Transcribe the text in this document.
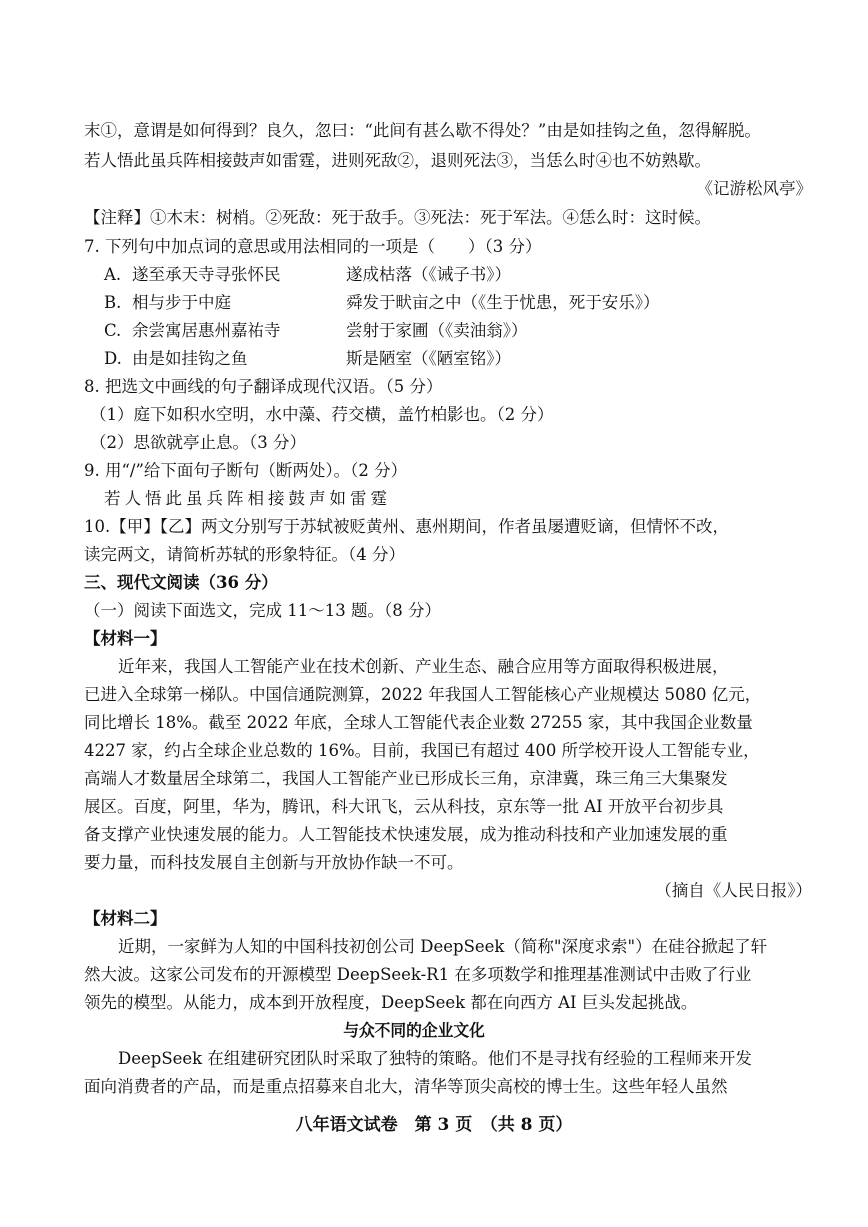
末①，意谓是如何得到？良久，忽曰：“此间有甚么歇不得处？”由是如挂钩之鱼，忽得解脱。
若人悟此虽兵阵相接鼓声如雷霆，进则死敌②，退则死法③，当恁么时④也不妨熟歇。
《记游松风亭》
【注释】①木末：树梢。②死敌：死于敌手。③死法：死于军法。④恁么时：这时候。
7. 下列句中加点词的意思或用法相同的一项是（　　）（3 分）
A. 遂至承天寺寻张怀民	遂成枯落（《诫子书》）
B. 相与步于中庭	舜发于畎亩之中（《生于忧患，死于安乐》）
C. 余尝寓居惠州嘉祐寺	尝射于家圃（《卖油翁》）
D. 由是如挂钩之鱼	斯是陋室（《陋室铭》）
8. 把选文中画线的句子翻译成现代汉语。（5 分）
（1）庭下如积水空明，水中藻、荇交横，盖竹柏影也。（2 分）
（2）思欲就亭止息。（3 分）
9. 用“/”给下面句子断句（断两处）。（2 分）
若人悟此虽兵阵相接鼓声如雷霆
10.【甲】【乙】两文分别写于苏轼被贬黄州、惠州期间，作者虽屡遭贬谪，但情怀不改，
读完两文，请简析苏轼的形象特征。（4 分）
三、现代文阅读（36 分）
（一）阅读下面选文，完成 11～13 题。（8 分）
【材料一】
近年来，我国人工智能产业在技术创新、产业生态、融合应用等方面取得积极进展，
已进入全球第一梯队。中国信通院测算，2022 年我国人工智能核心产业规模达 5080 亿元，
同比增长 18%。截至 2022 年底，全球人工智能代表企业数 27255 家，其中我国企业数量
4227 家，约占全球企业总数的 16%。目前，我国已有超过 400 所学校开设人工智能专业，
高端人才数量居全球第二，我国人工智能产业已形成长三角，京津冀，珠三角三大集聚发
展区。百度，阿里，华为，腾讯，科大讯飞，云从科技，京东等一批 AI 开放平台初步具
备支撑产业快速发展的能力。人工智能技术快速发展，成为推动科技和产业加速发展的重
要力量，而科技发展自主创新与开放协作缺一不可。
（摘自《人民日报》）
【材料二】
近期，一家鲜为人知的中国科技初创公司 DeepSeek（简称"深度求索"）在硅谷掀起了轩
然大波。这家公司发布的开源模型 DeepSeek-R1 在多项数学和推理基准测试中击败了行业
领先的模型。从能力，成本到开放程度，DeepSeek 都在向西方 AI 巨头发起挑战。
与众不同的企业文化
DeepSeek 在组建研究团队时采取了独特的策略。他们不是寻找有经验的工程师来开发
八年语文试卷　第 3 页　（共 8 页）
面向消费者的产品，而是重点招募来自北大，清华等顶尖高校的博士生。这些年轻人虽然
